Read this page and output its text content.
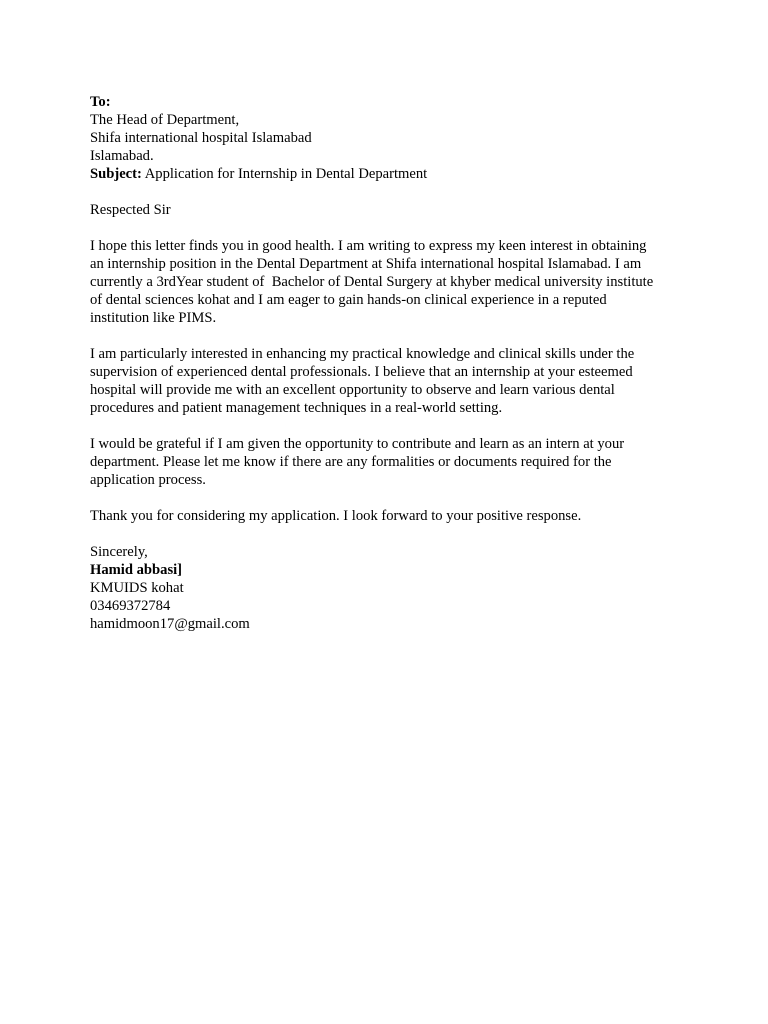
To:
The Head of Department,
Shifa international hospital Islamabad
Islamabad.
Subject: Application for Internship in Dental Department
Respected Sir
I hope this letter finds you in good health. I am writing to express my keen interest in obtaining
an internship position in the Dental Department at Shifa international hospital Islamabad. I am
currently a 3rdYear student of  Bachelor of Dental Surgery at khyber medical university institute
of dental sciences kohat and I am eager to gain hands-on clinical experience in a reputed
institution like PIMS.
I am particularly interested in enhancing my practical knowledge and clinical skills under the
supervision of experienced dental professionals. I believe that an internship at your esteemed
hospital will provide me with an excellent opportunity to observe and learn various dental
procedures and patient management techniques in a real-world setting.
I would be grateful if I am given the opportunity to contribute and learn as an intern at your
department. Please let me know if there are any formalities or documents required for the
application process.
Thank you for considering my application. I look forward to your positive response.
Sincerely,
Hamid abbasi]
KMUIDS kohat
03469372784
hamidmoon17@gmail.com
